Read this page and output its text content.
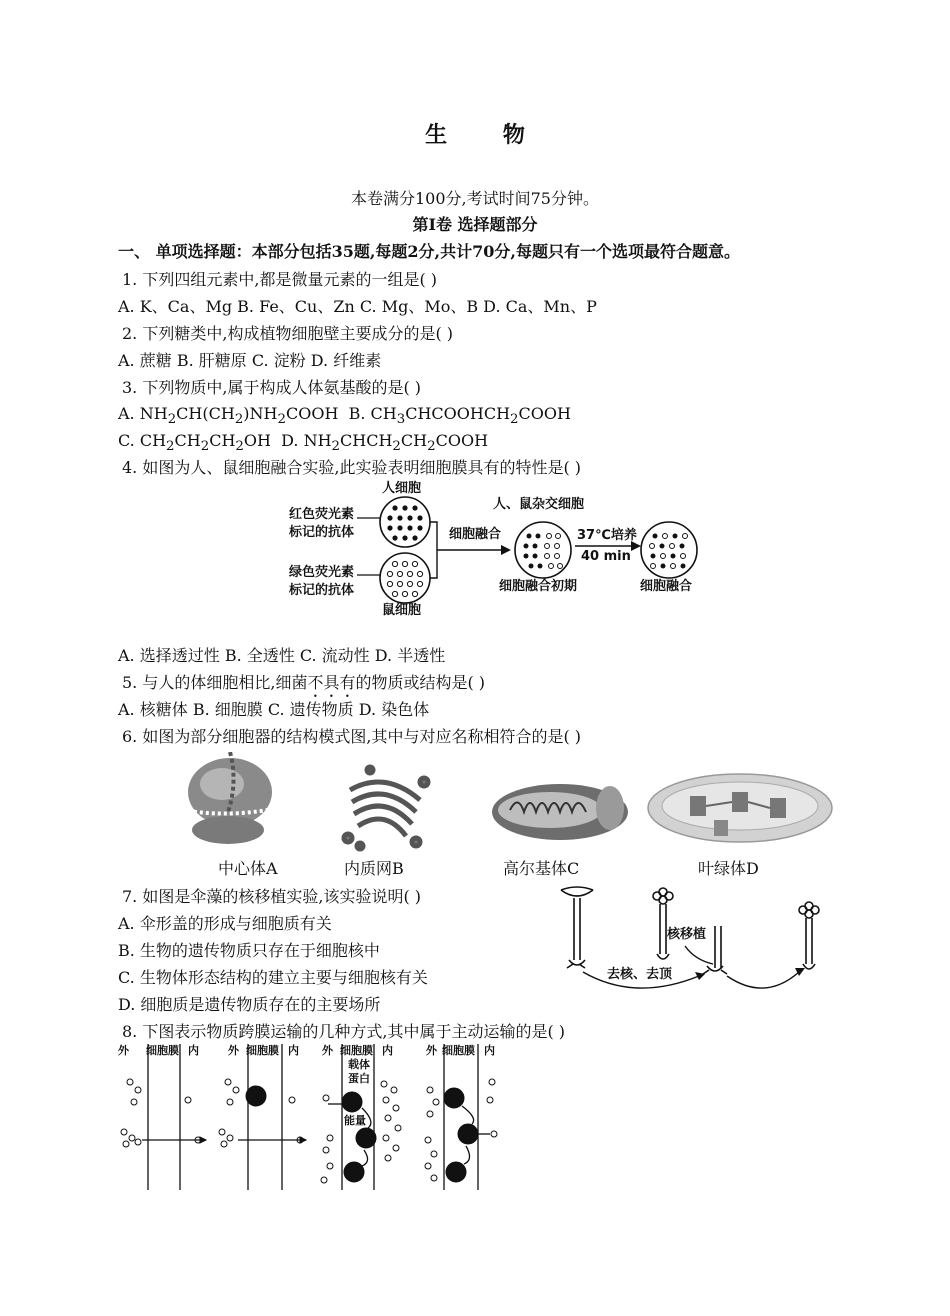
生 物
本卷满分100分,考试时间75分钟。
第Ⅰ卷 选择题部分
一、 单项选择题：本部分包括35题,每题2分,共计70分,每题只有一个选项最符合题意。
1. 下列四组元素中,都是微量元素的一组是( )
A. K、Ca、Mg B. Fe、Cu、Zn C. Mg、Mo、B D. Ca、Mn、P
2. 下列糖类中,构成植物细胞壁主要成分的是( )
A. 蔗糖 B. 肝糖原 C. 淀粉 D. 纤维素
3. 下列物质中,属于构成人体氨基酸的是( )
A. $NH_2CH(CH_2)NH_2COOH$ B. $CH_3CHCOOHCH_2COOH$
C. $CH_2CH_2CH_2OH$ D. $NH_2CHCH_2CH_2COOH$
4. 如图为人、鼠细胞融合实验,此实验表明细胞膜具有的特性是( )
人细胞
红色荧光素
标记的抗体
绿色荧光素
标记的抗体
鼠细胞
细胞融合
人、鼠杂交细胞
37℃培养
40 min
细胞融合初期	细胞融合
A. 选择透过性 B. 全透性 C. 流动性 D. 半透性
5. 与人的体细胞相比,细菌不具有的物质或结构是( )
A. 核糖体 B. 细胞膜 C. 遗传物质 D. 染色体
6. 如图为部分细胞器的结构模式图,其中与对应名称相符合的是( )
中心体A	内质网B	高尔基体C	叶绿体D
7. 如图是伞藻的核移植实验,该实验说明( )
A. 伞形盖的形成与细胞质有关
B. 生物的遗传物质只存在于细胞核中
C. 生物体形态结构的建立主要与细胞核有关
D. 细胞质是遗传物质存在的主要场所
核移植
去核、去顶
8. 下图表示物质跨膜运输的几种方式,其中属于主动运输的是( )
外 细胞膜 内	外 细胞膜 内 外 细胞膜 内	外 细胞膜 内
载体
蛋白
能量
